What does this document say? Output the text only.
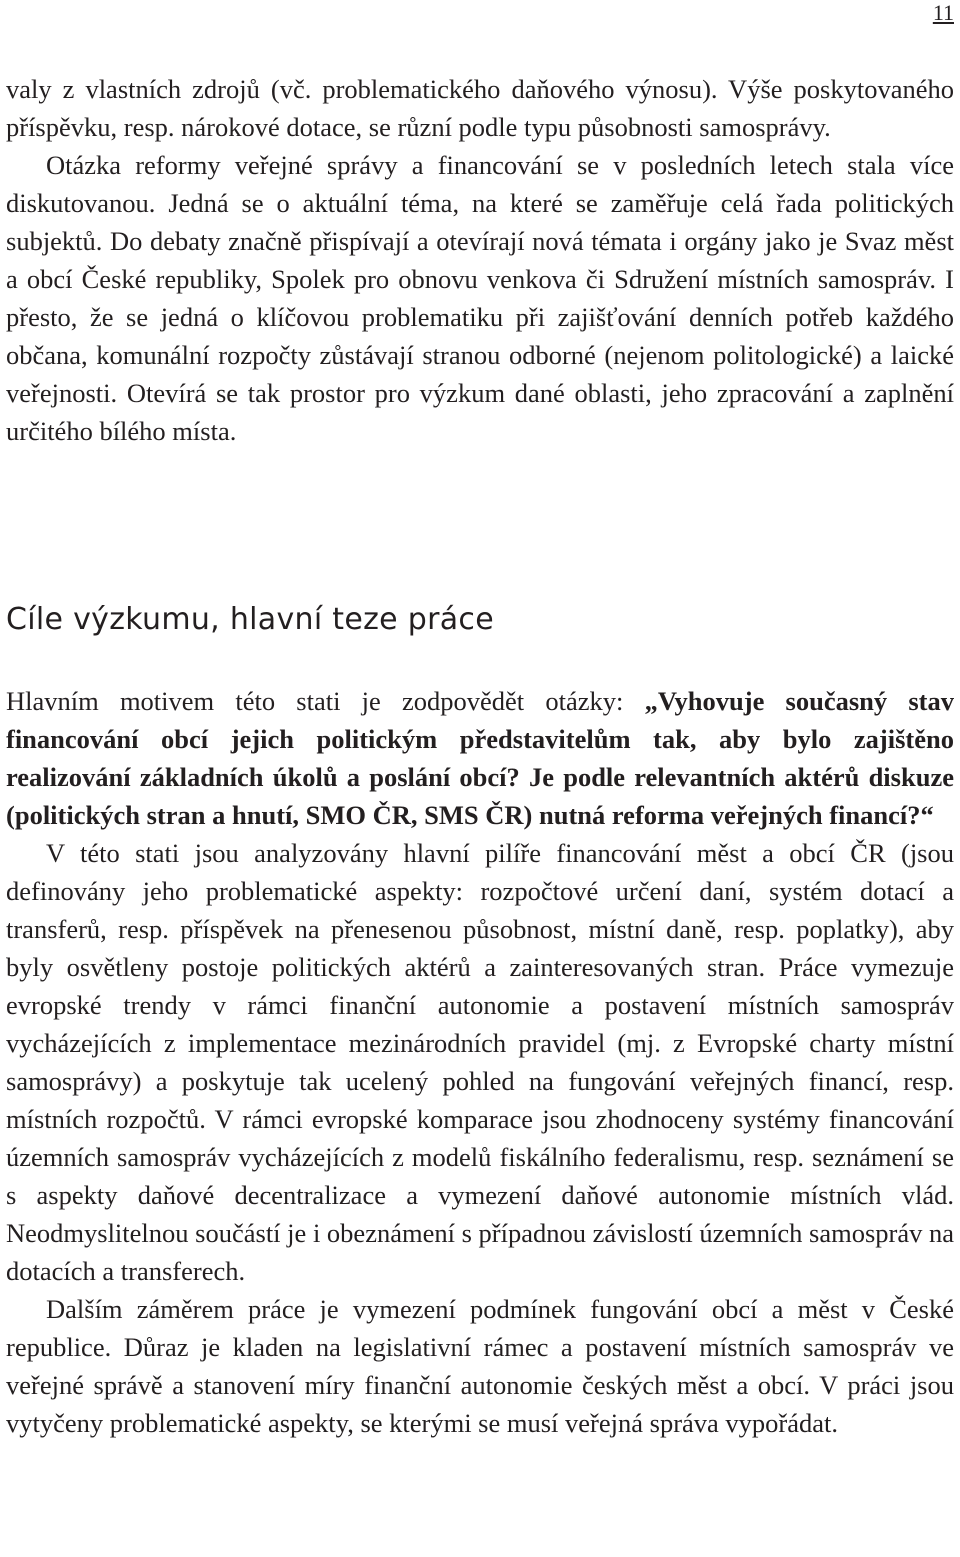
11

valy z vlastních zdrojů (vč. problematického daňového výnosu). Výše poskytovaného příspěvku, resp. nárokové dotace, se různí podle typu působnosti samosprávy.

Otázka reformy veřejné správy a financování se v posledních letech stala více diskutovanou. Jedná se o aktuální téma, na které se zaměřuje celá řada politických subjektů. Do debaty značně přispívají a otevírají nová témata i orgány jako je Svaz měst a obcí České republiky, Spolek pro obnovu venkova či Sdružení místních samospráv. I přesto, že se jedná o klíčovou problematiku při zajišťování denních potřeb každého občana, komunální rozpočty zůstávají stranou odborné (nejenom politologické) a laické veřejnosti. Otevírá se tak prostor pro výzkum dané oblasti, jeho zpracování a zaplnění určitého bílého místa.

Cíle výzkumu, hlavní teze práce

Hlavním motivem této stati je zodpovědět otázky: „Vyhovuje současný stav financování obcí jejich politickým představitelům tak, aby bylo zajištěno realizování základních úkolů a poslání obcí? Je podle relevantních aktérů diskuze (politických stran a hnutí, SMO ČR, SMS ČR) nutná reforma veřejných financí?“

V této stati jsou analyzovány hlavní pilíře financování měst a obcí ČR (jsou definovány jeho problematické aspekty: rozpočtové určení daní, systém dotací a transferů, resp. příspěvek na přenesenou působnost, místní daně, resp. poplatky), aby byly osvětleny postoje politických aktérů a zainteresovaných stran. Práce vymezuje evropské trendy v rámci finanční autonomie a postavení místních samospráv vycházejících z implementace mezinárodních pravidel (mj. z Evropské charty místní samosprávy) a poskytuje tak ucelený pohled na fungování veřejných financí, resp. místních rozpočtů. V rámci evropské komparace jsou zhodnoceny systémy financování územních samospráv vycházejících z modelů fiskálního federalismu, resp. seznámení se s aspekty daňové decentralizace a vymezení daňové autonomie místních vlád. Neodmyslitelnou součástí je i obeznámení s případnou závislostí územních samospráv na dotacích a transferech.

Dalším záměrem práce je vymezení podmínek fungování obcí a měst v České republice. Důraz je kladen na legislativní rámec a postavení místních samospráv ve veřejné správě a stanovení míry finanční autonomie českých měst a obcí. V práci jsou vytyčeny problematické aspekty, se kterými se musí veřejná správa vypořádat.
